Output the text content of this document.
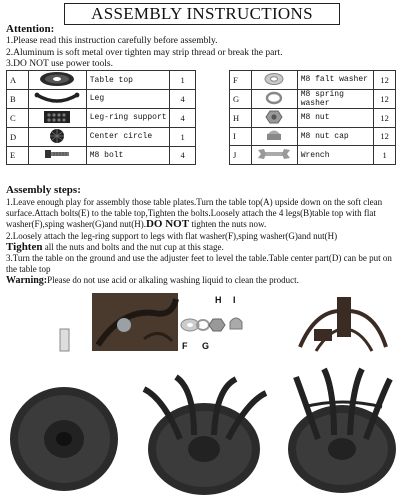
ASSEMBLY INSTRUCTIONS
Attention:
1.Please read this instruction carefully before assembly.
2.Aluminum is soft metal over tighten may strip thread or break the part.
3.DO NOT use power tools.
A		Table top	1
B		Leg	4
C		Leg-ring support	4
D		Center circle	1
E		M8 bolt	4
F		M8 falt washer	12
G		M8 spring washer	12
H		M8 nut	12
I		M8 nut cap	12
J		Wrench	1
Assembly steps:
1.Leave enough play for assembly those table plates.Turn the table top(A) upside down on the soft clean surface.Attach bolts(E) to the table top,Tighten the bolts.Loosely attach the 4 legs(B)table top with flat washer(F),sping washer(G)and nut(H).DO NOT tighten the nuts now.
2.Loosely attach the leg-ring support to legs with flat washer(F),sping washer(G)and nut(H)
Tighten all the nuts and bolts and the nut cup at this stage.
3.Turn the table on the ground and use the adjuster feet to level the table.Table center part(D) can be put on the table top
Warning:Please do not use acid or alkaling washing liquid to clean the product.
H I
F G
